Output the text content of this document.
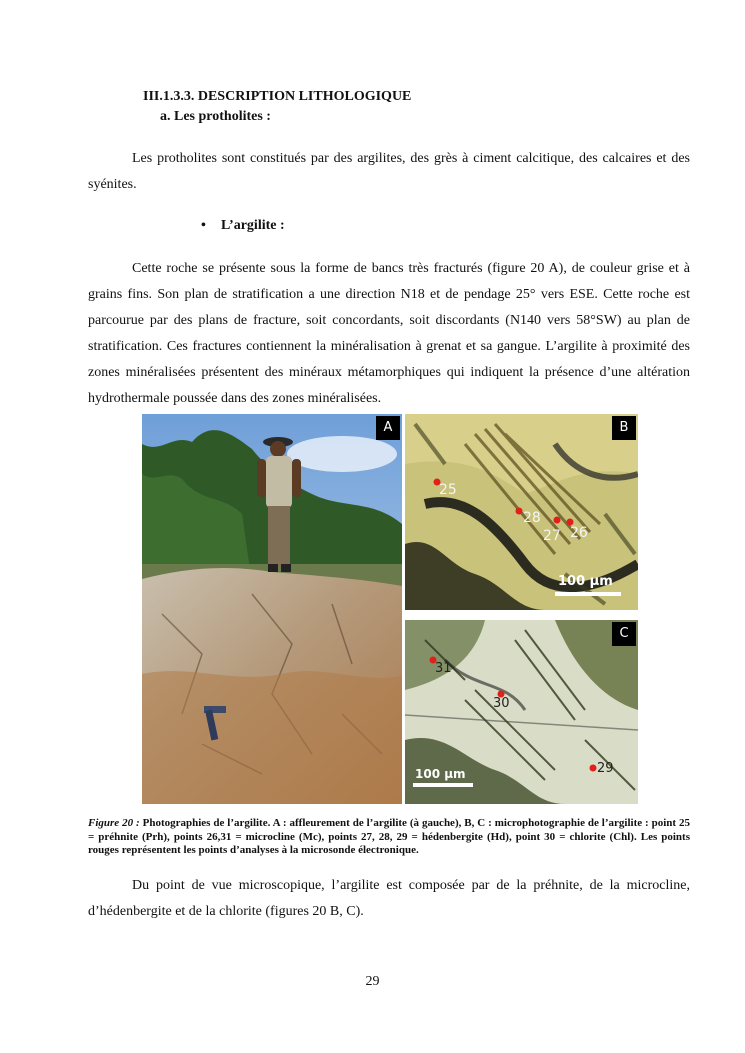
III.1.3.3. DESCRIPTION LITHOLOGIQUE
a. Les protholites :

Les protholites sont constitués par des argilites, des grès à ciment calcitique, des calcaires et des syénites.

• L’argilite :

Cette roche se présente sous la forme de bancs très fracturés (figure 20 A), de couleur grise et à grains fins. Son plan de stratification a une direction N18 et de pendage 25° vers ESE. Cette roche est parcourue par des plans de fracture, soit concordants, soit discordants (N140 vers 58°SW) au plan de stratification. Ces fractures contiennent la minéralisation à grenat et sa gangue. L’argilite à proximité des zones minéralisées présentent des minéraux métamorphiques qui indiquent la présence d’une altération hydrothermale poussée dans des zones minéralisées.

A
25
28
27 26
100 µm
B
31
30
29
100 µm
C

Figure 20 : Photographies de l’argilite. A : affleurement de l’argilite (à gauche), B, C : microphotographie de l’argilite : point 25 = préhnite (Prh), points 26,31 = microcline (Mc), points 27, 28, 29 = hédenbergite (Hd), point 30 = chlorite (Chl). Les points rouges représentent les points d’analyses à la microsonde électronique.

Du point de vue microscopique, l’argilite est composée par de la préhnite, de la microcline, d’hédenbergite et de la chlorite (figures 20 B, C).

29
